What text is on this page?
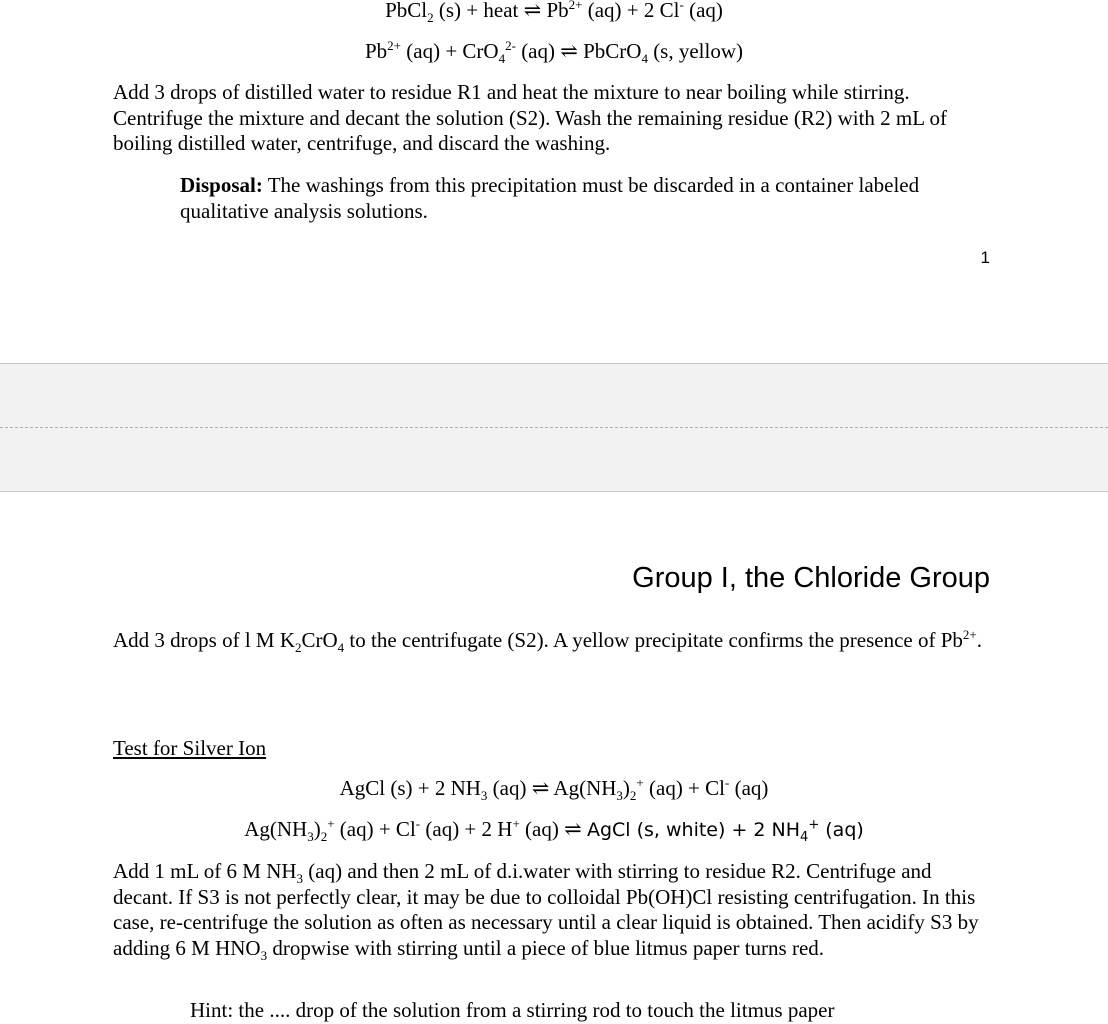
PbCl$_2$ (s) + heat ⇌ $Pb^{2+}$ (aq) + 2 Cl- (aq)
$Pb^{2+}$ (aq) + CrO$_4^{2-}$ (aq) ⇌ PbCrO$_4$ (s, yellow)
Add 3 drops of distilled water to residue R1 and heat the mixture to near boiling while stirring. Centrifuge the mixture and decant the solution (S2). Wash the remaining residue (R2) with 2 mL of boiling distilled water, centrifuge, and discard the washing.
Disposal: The washings from this precipitation must be discarded in a container labeled qualitative analysis solutions.
1
Group I, the Chloride Group
Add 3 drops of l M $K_2CrO_4$ to the centrifugate (S2). A yellow precipitate confirms the presence of $Pb^{2+}$.
Test for Silver Ion
AgCl (s) + 2 $NH_3$ (aq) ⇌ $Ag(NH_3)_2^+$ (aq) + Cl- (aq)
$Ag(NH_3)_2^+$ (aq) + Cl- (aq) + 2 H+ (aq) ⇌ AgCl (s, white) + 2 $NH_4^+$ (aq)
Add 1 mL of 6 M $NH_3$ (aq) and then 2 mL of d.i.water with stirring to residue R2. Centrifuge and decant. If S3 is not perfectly clear, it may be due to colloidal Pb(OH)Cl resisting centrifugation. In this case, re-centrifuge the solution as often as necessary until a clear liquid is obtained. Then acidify S3 by adding 6 M $HNO_3$ dropwise with stirring until a piece of blue litmus paper turns red.
Hint: the .... drop of the solution from a stirring rod to touch the litmus paper
